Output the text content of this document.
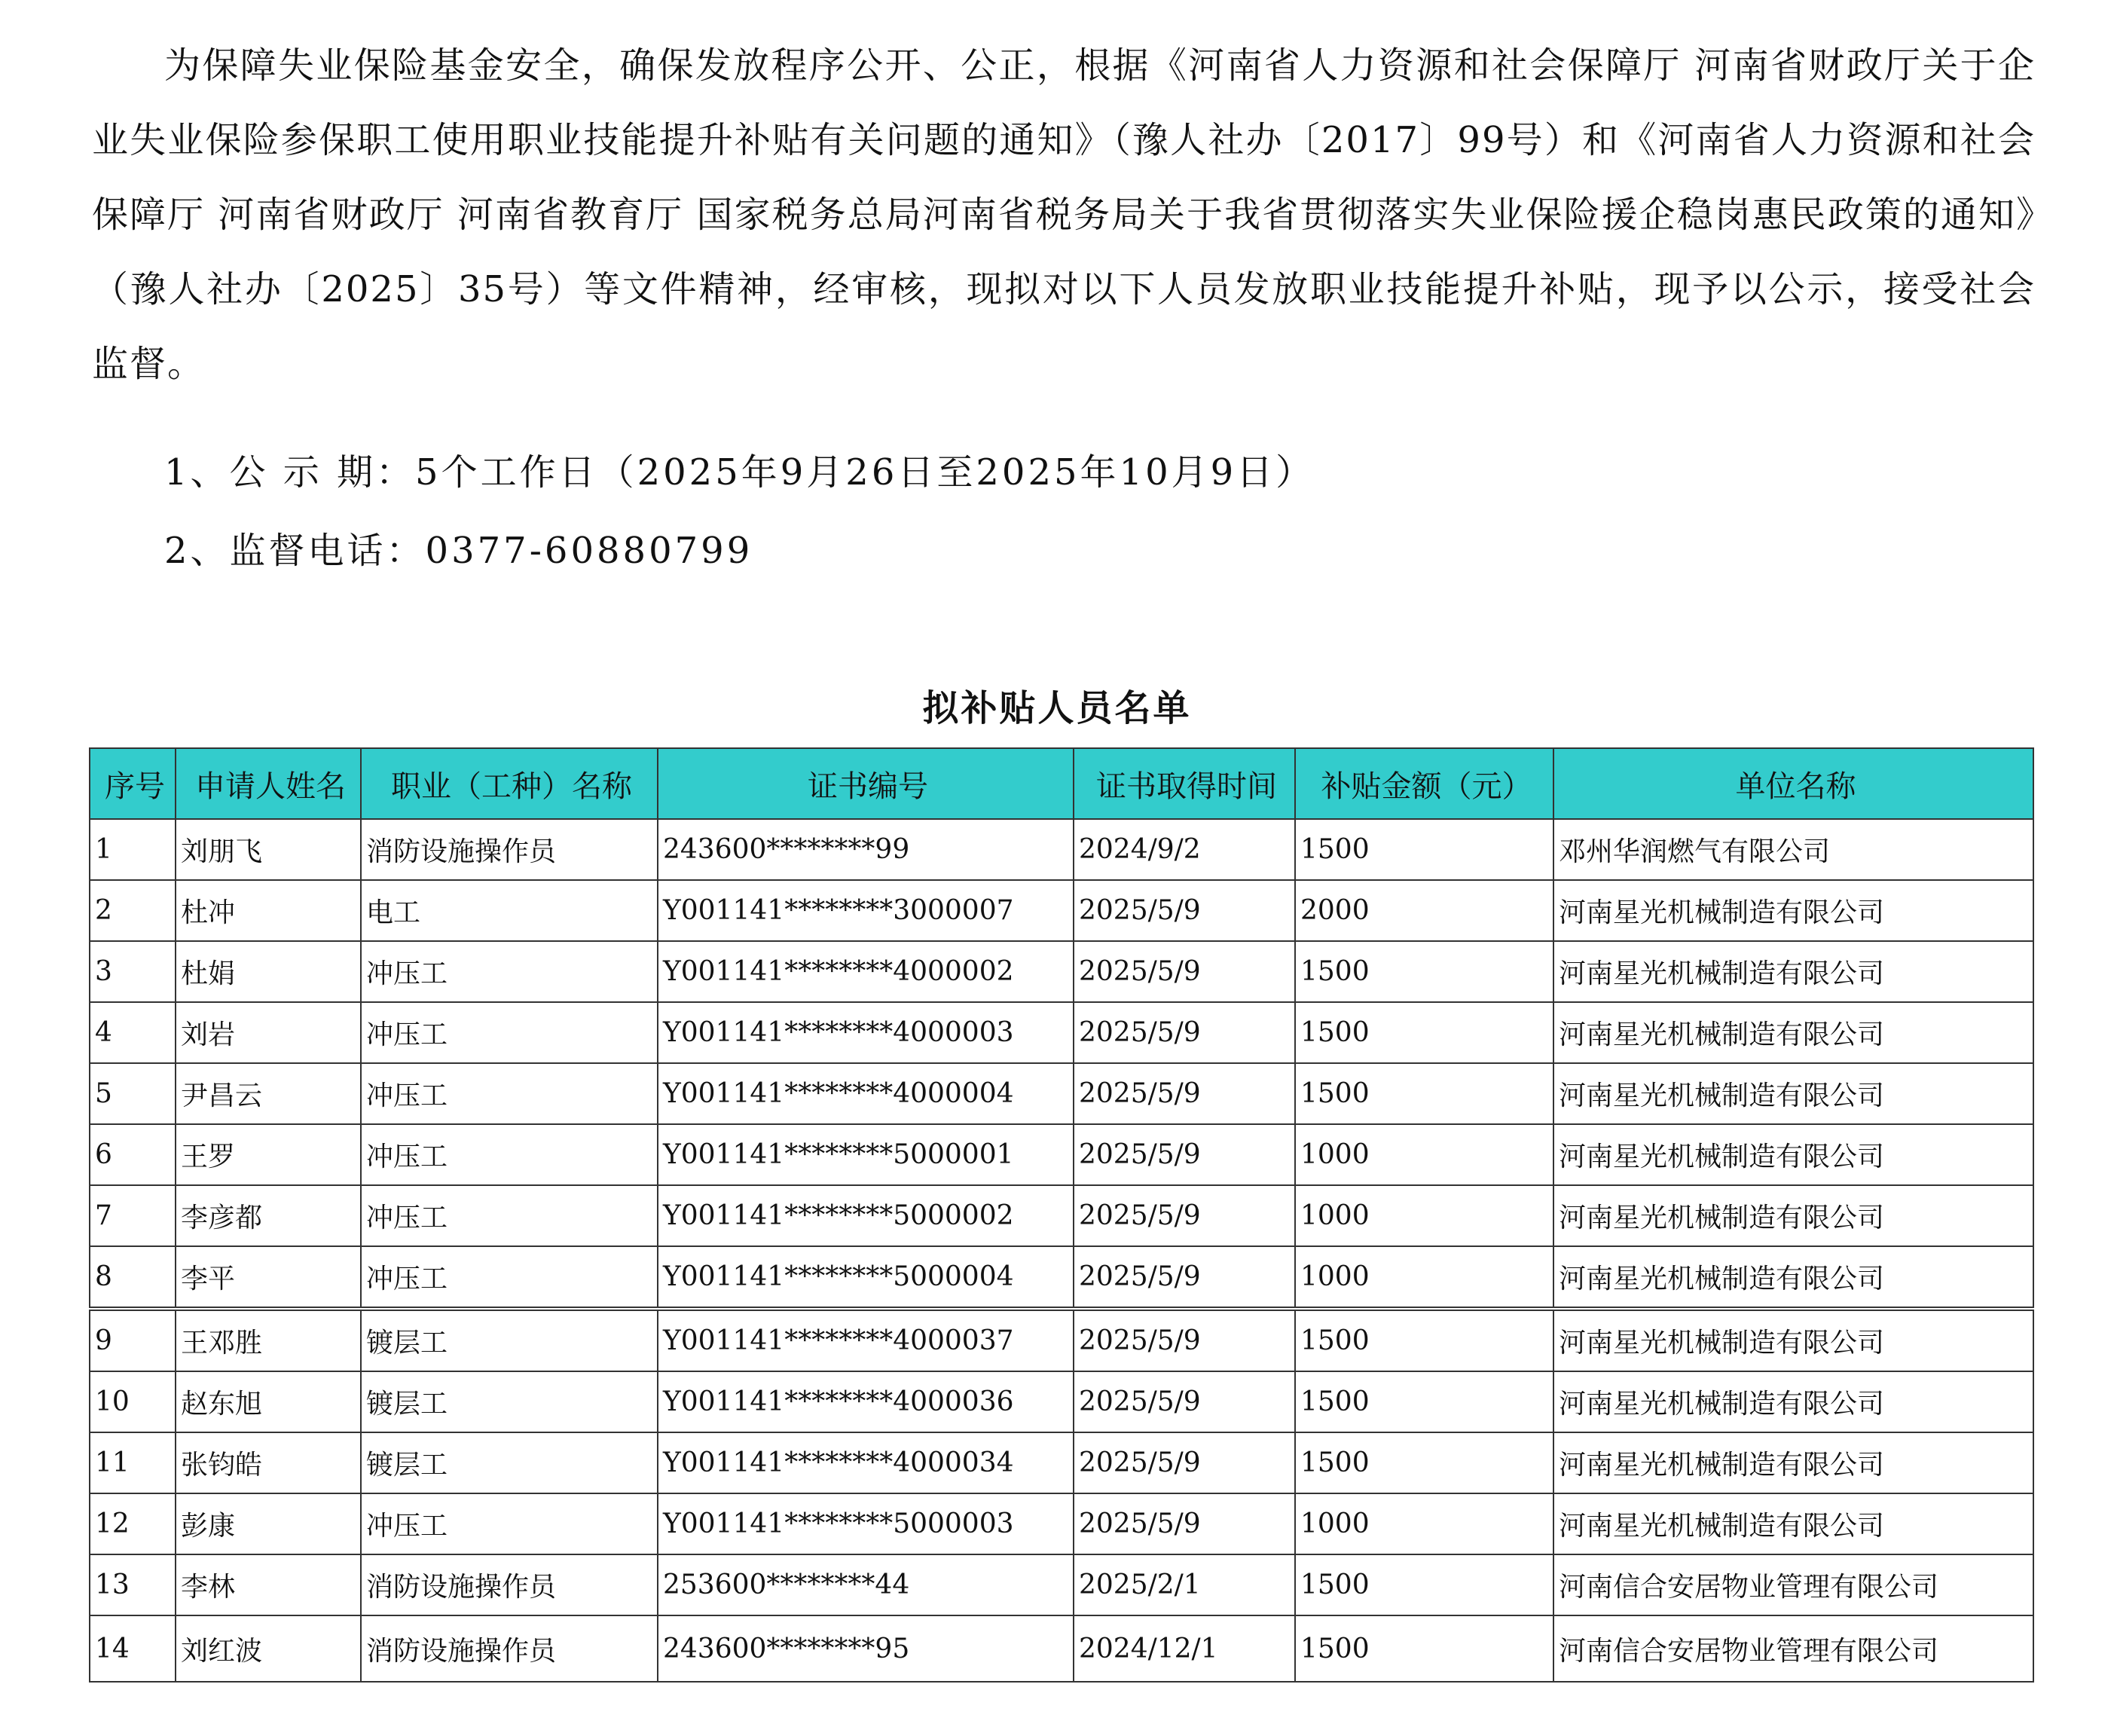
为保障失业保险基金安全，确保发放程序公开、公正，根据《河南省人力资源和社会保障厅 河南省财政厅关于企业失业保险参保职工使用职业技能提升补贴有关问题的通知》（豫人社办〔2017〕99号）和《河南省人力资源和社会保障厅 河南省财政厅 河南省教育厅 国家税务总局河南省税务局关于我省贯彻落实失业保险援企稳岗惠民政策的通知》（豫人社办〔2025〕35号）等文件精神，经审核，现拟对以下人员发放职业技能提升补贴，现予以公示，接受社会监督。

1、公 示 期：5个工作日（2025年9月26日至2025年10月9日）
2、监督电话：0377-60880799
拟补贴人员名单
序号	申请人姓名	职业（工种）名称	证书编号	证书取得时间	补贴金额（元）	单位名称
1	刘朋飞	消防设施操作员	243600********99	2024/9/2	1500	邓州华润燃气有限公司
2	杜冲	电工	Y001141********3000007	2025/5/9	2000	河南星光机械制造有限公司
3	杜娟	冲压工	Y001141********4000002	2025/5/9	1500	河南星光机械制造有限公司
4	刘岩	冲压工	Y001141********4000003	2025/5/9	1500	河南星光机械制造有限公司
5	尹昌云	冲压工	Y001141********4000004	2025/5/9	1500	河南星光机械制造有限公司
6	王罗	冲压工	Y001141********5000001	2025/5/9	1000	河南星光机械制造有限公司
7	李彦都	冲压工	Y001141********5000002	2025/5/9	1000	河南星光机械制造有限公司
8	李平	冲压工	Y001141********5000004	2025/5/9	1000	河南星光机械制造有限公司
9	王邓胜	镀层工	Y001141********4000037	2025/5/9	1500	河南星光机械制造有限公司
10	赵东旭	镀层工	Y001141********4000036	2025/5/9	1500	河南星光机械制造有限公司
11	张钧皓	镀层工	Y001141********4000034	2025/5/9	1500	河南星光机械制造有限公司
12	彭康	冲压工	Y001141********5000003	2025/5/9	1000	河南星光机械制造有限公司
13	李林	消防设施操作员	253600********44	2025/2/1	1500	河南信合安居物业管理有限公司
14	刘红波	消防设施操作员	243600********95	2024/12/1	1500	河南信合安居物业管理有限公司
